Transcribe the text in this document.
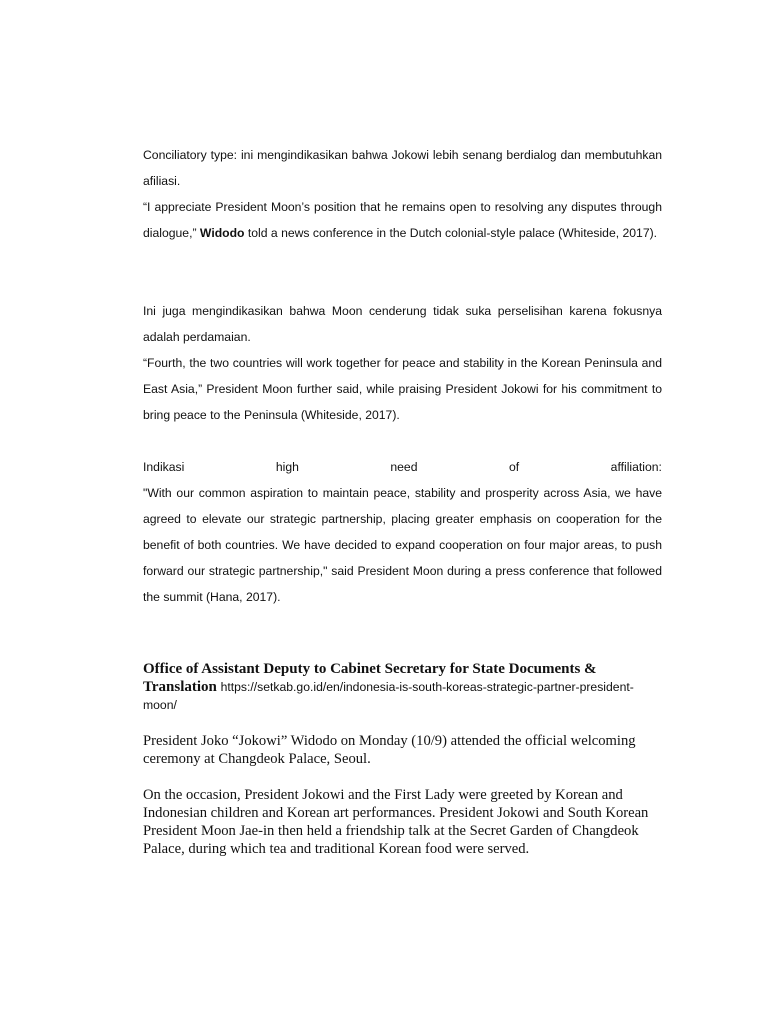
Conciliatory type: ini mengindikasikan bahwa Jokowi lebih senang berdialog dan membutuhkan afiliasi.

“I appreciate President Moon’s position that he remains open to resolving any disputes through dialogue,” Widodo told a news conference in the Dutch colonial-style palace (Whiteside, 2017).

Ini juga mengindikasikan bahwa Moon cenderung tidak suka perselisihan karena fokusnya adalah perdamaian.

“Fourth, the two countries will work together for peace and stability in the Korean Peninsula and East Asia,” President Moon further said, while praising President Jokowi for his commitment to bring peace to the Peninsula (Whiteside, 2017).

Indikasi	high	need	of	affiliation:

"With our common aspiration to maintain peace, stability and prosperity across Asia, we have agreed to elevate our strategic partnership, placing greater emphasis on cooperation for the benefit of both countries. We have decided to expand cooperation on four major areas, to push forward our strategic partnership," said President Moon during a press conference that followed the summit (Hana, 2017).

Office of Assistant Deputy to Cabinet Secretary for State Documents & Translation https://setkab.go.id/en/indonesia-is-south-koreas-strategic-partner-president-moon/

President Joko “Jokowi” Widodo on Monday (10/9) attended the official welcoming ceremony at Changdeok Palace, Seoul.

On the occasion, President Jokowi and the First Lady were greeted by Korean and Indonesian children and Korean art performances. President Jokowi and South Korean President Moon Jae-in then held a friendship talk at the Secret Garden of Changdeok Palace, during which tea and traditional Korean food were served.
